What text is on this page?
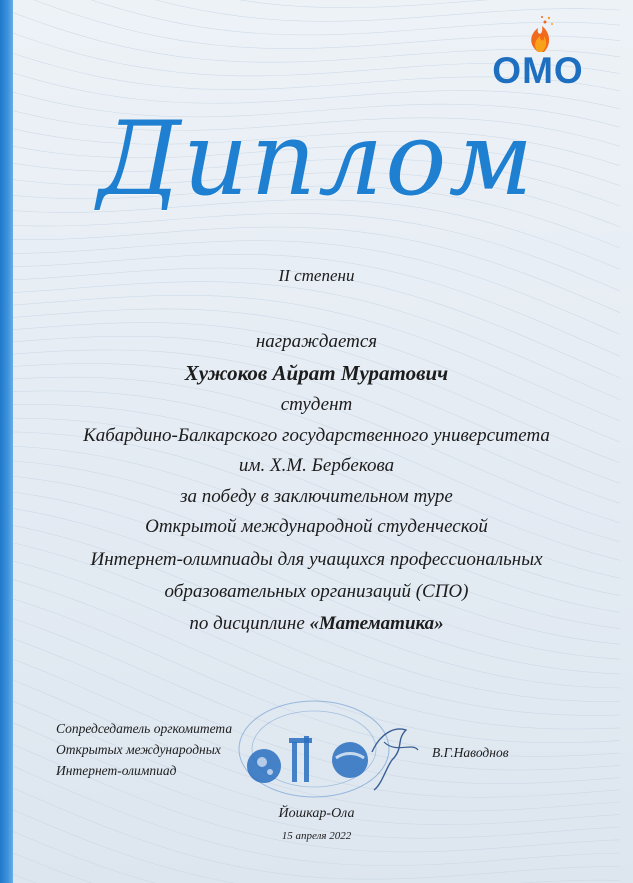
ОМО
Диплом
II степени
награждается
Хужоков Айрат Муратович
студент
Кабардино-Балкарского государственного университета
им. Х.М. Бербекова
за победу в заключительном туре
Открытой международной студенческой
Интернет-олимпиады для учащихся профессиональных
образовательных организаций (СПО)
по дисциплине «Математика»
Сопредседатель оргкомитета
Открытых международных
Интернет-олимпиад
В.Г.Наводнов
Йошкар-Ола
15 апреля 2022
